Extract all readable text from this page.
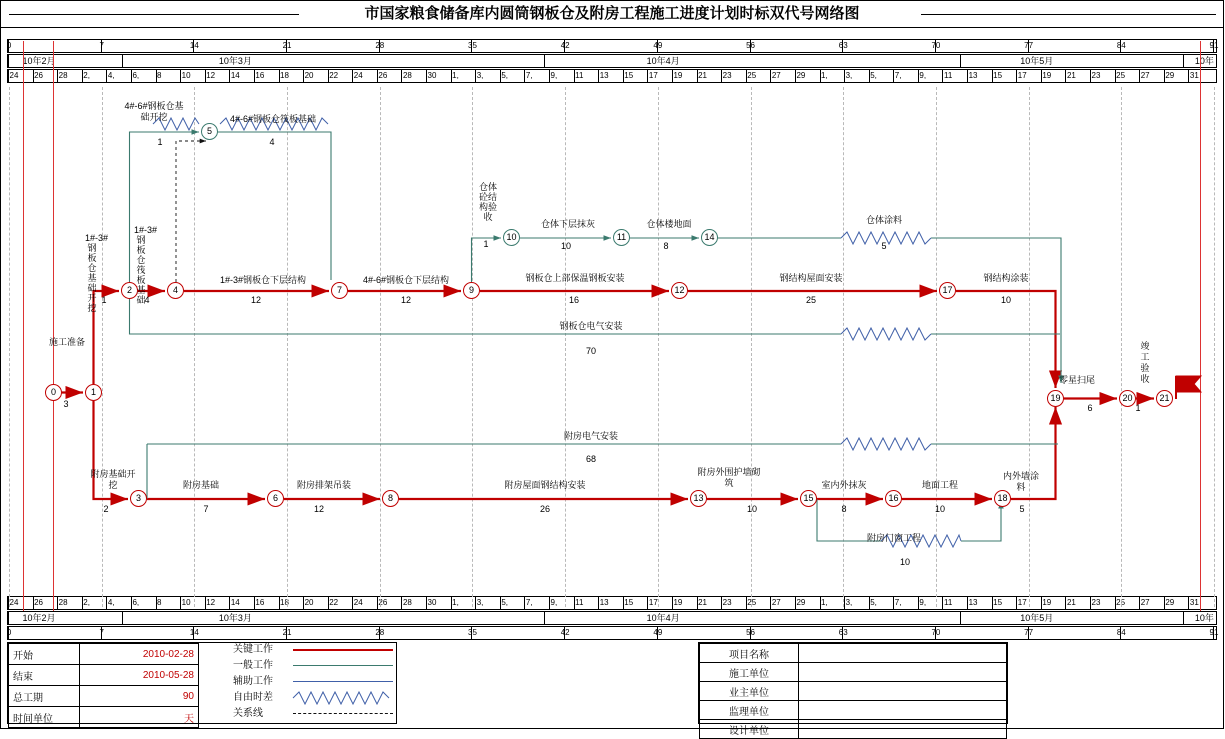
市国家粮食储备库内圆筒钢板仓及附房工程施工进度计划时标双代号网络图
0	7	14	21	28	35	42	49	56	63	70	77	84	91
10年2月	10年3月	10年4月	10年5月	10年
24	26	28	2,	4,	6,	8	10	12	14	16	18	20	22	24	26	28	30	1,	3,	5,	7,	9,	11	13	15	17	19	21	23	25	27	29	1,	3,	5,	7,	9,	11	13	15	17	19	21	23	25	27	29	31
24	26	28	2,	4,	6,	8	10	12	14	16	18	20	22	24	26	28	30	1,	3,	5,	7,	9,	11	13	15	17	19	21	23	25	27	29	1,	3,	5,	7,	9,	11	13	15	17	19	21	23	25	27	29	31
10年2月	10年3月	10年4月	10年5月	10年
0	7	14	21	28	35	42	49	56	63	70	77	84	91
0	1
2
3
4
5
6
7
8
9
10	11
12
13
14
15	16
17
18
19	20	21
施工准备
3
1#-3#钢板仓基础开挖
1
1#-3#钢板仓筏板基础
4
4#-6#钢板仓基础开挖
1
4#-6#钢板仓筏板基础
4
1#-3#钢板仓下层结构
12
4#-6#钢板仓下层结构
12
仓体砼结构验收
1
仓体下层抹灰
10
仓体楼地面
8
仓体涂料
5
钢板仓上部保温钢板安装
16
钢结构屋面安装
25
钢结构涂装
10
钢板仓电气安装
70
附房电气安装
68
附房基础开挖
2
附房基础
7
附房排架吊装
12
附房屋面钢结构安装
26
附房外围护墙砌筑
10
室内外抹灰
8
地面工程
10
内外墙涂料
5
附房门窗工程
10
零星扫尾
6
竣工验收
1
开始	2010-02-28	
结束	2010-05-28	
总工期	90	
时间单位	天	
关键工作
一般工作
辅助工作
自由时差
关系线
项目名称	
施工单位	
业主单位	
监理单位	
设计单位	
